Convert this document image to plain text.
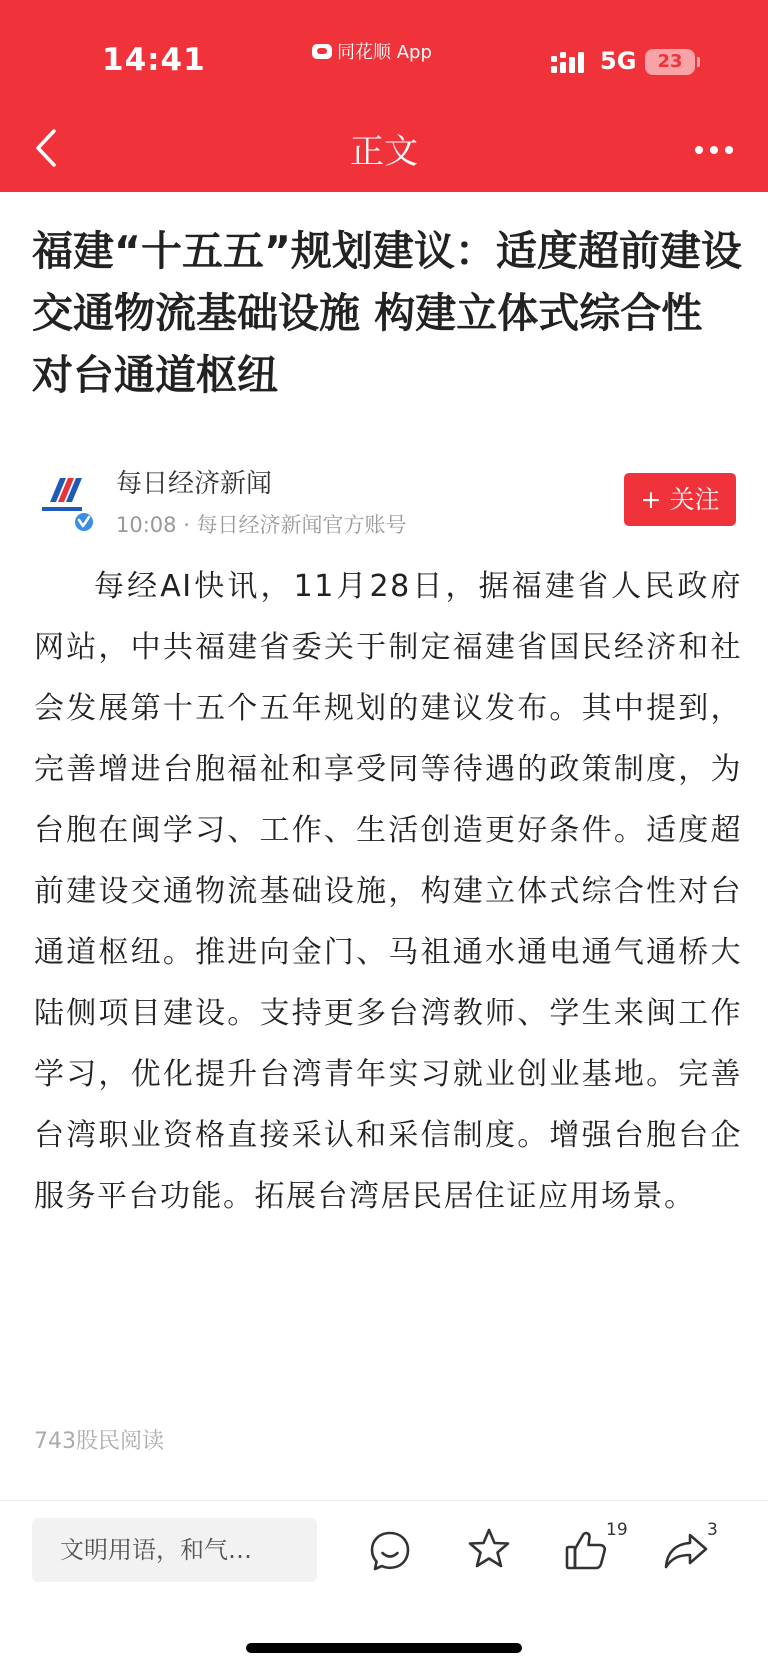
14:41	同花顺 App	5G	23
正文
福建“十五五”规划建议：适度超前建设交通物流基础设施 构建立体式综合性对台通道枢纽
每日经济新闻
10:08 · 每日经济新闻官方账号
+ 关注

每经AI快讯，11月28日，据福建省人民政府网站，中共福建省委关于制定福建省国民经济和社会发展第十五个五年规划的建议发布。其中提到，完善增进台胞福祉和享受同等待遇的政策制度，为台胞在闽学习、工作、生活创造更好条件。适度超前建设交通物流基础设施，构建立体式综合性对台通道枢纽。推进向金门、马祖通水通电通气通桥大陆侧项目建设。支持更多台湾教师、学生来闽工作学习，优化提升台湾青年实习就业创业基地。完善台湾职业资格直接采认和采信制度。增强台胞台企服务平台功能。拓展台湾居民居住证应用场景。

743股民阅读
文明用语，和气…
19	3
